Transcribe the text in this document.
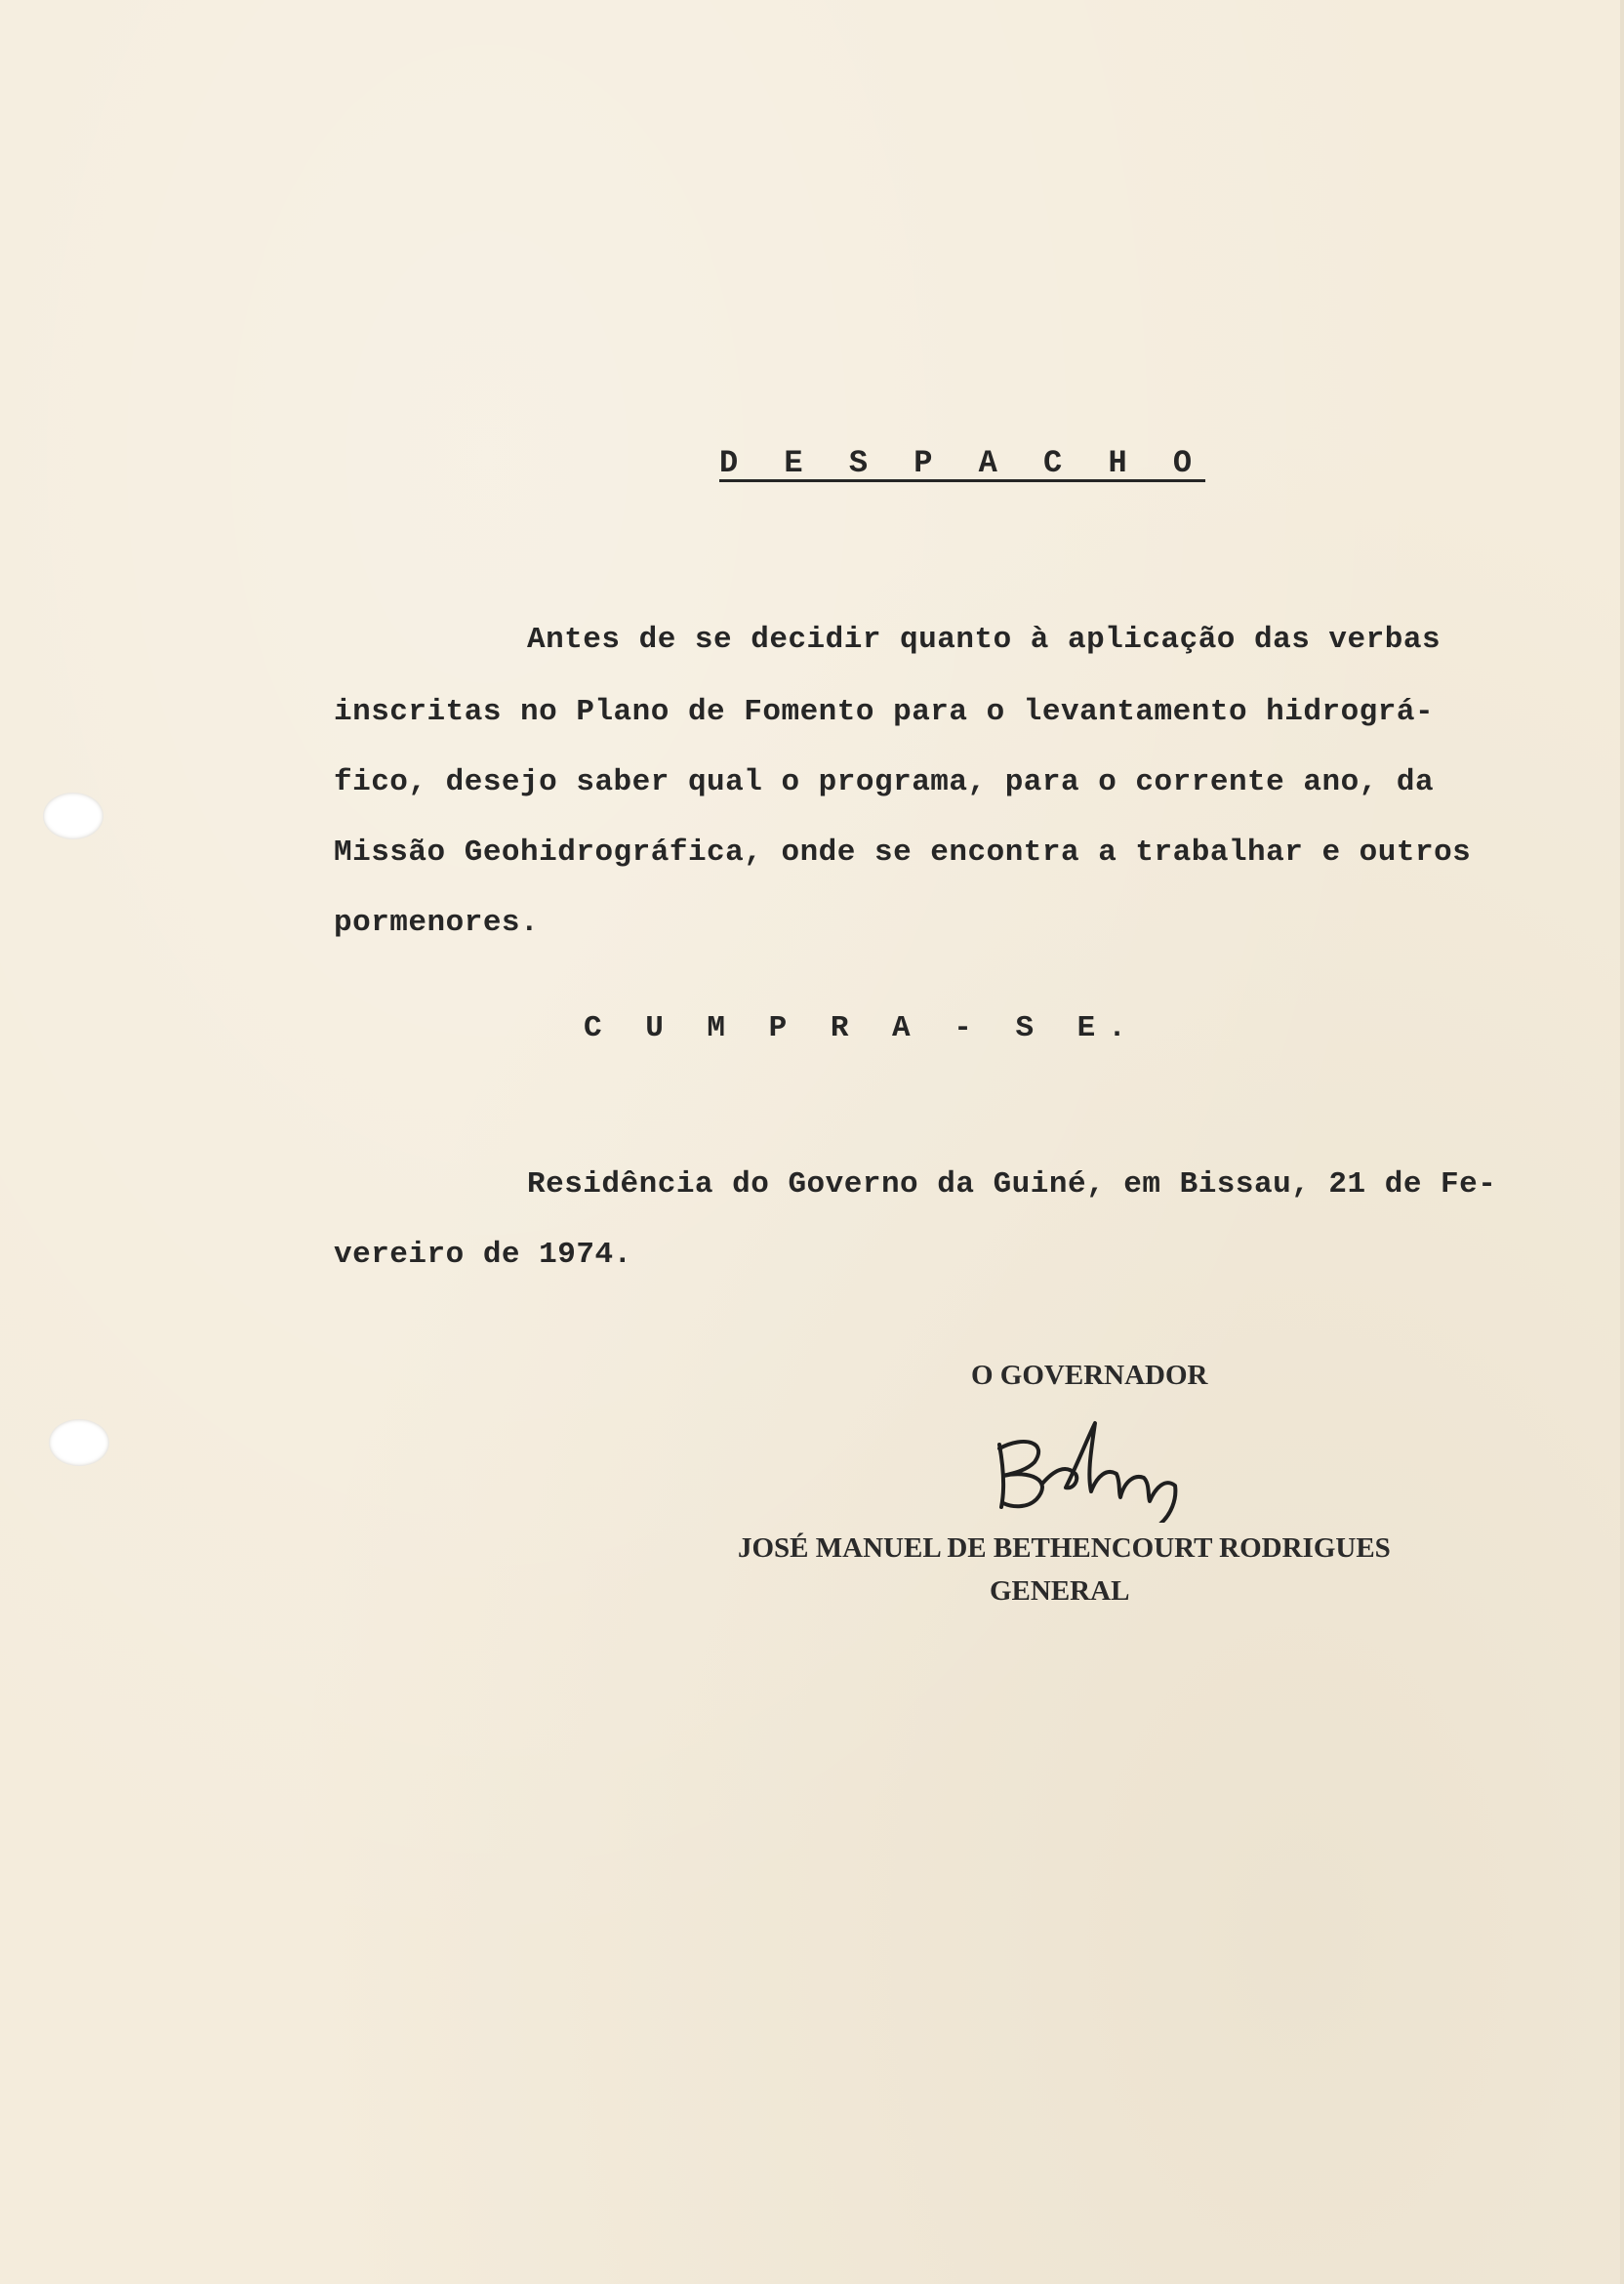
D E S P A C H O
Antes de se decidir quanto à aplicação das verbas
inscritas no Plano de Fomento para o levantamento hidrográ-
fico, desejo saber qual o programa, para o corrente ano, da
Missão Geohidrográfica, onde se encontra a trabalhar e outros
pormenores.
C U M P R A - S E.
Residência do Governo da Guiné, em Bissau, 21 de Fe-
vereiro de 1974.
O GOVERNADOR
JOSÉ MANUEL DE BETHENCOURT RODRIGUES
GENERAL
